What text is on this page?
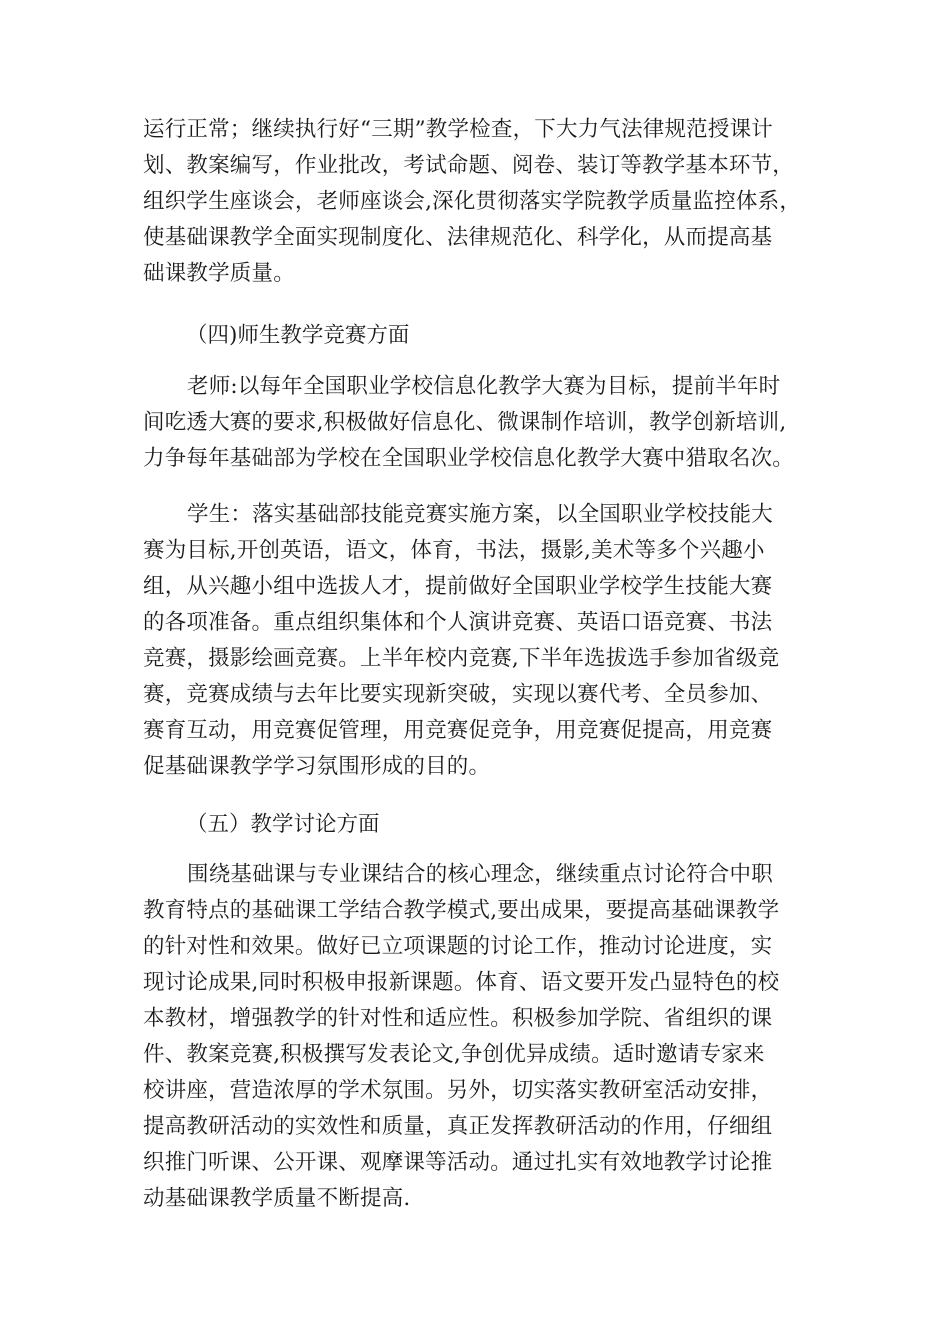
运行正常；继续执行好“三期”教学检查，下大力气法律规范授课计
划、教案编写，作业批改，考试命题、阅卷、装订等教学基本环节，
组织学生座谈会，老师座谈会,深化贯彻落实学院教学质量监控体系，
使基础课教学全面实现制度化、法律规范化、科学化，从而提高基
础课教学质量。
（四)师生教学竞赛方面
老师:以每年全国职业学校信息化教学大赛为目标，提前半年时
间吃透大赛的要求,积极做好信息化、微课制作培训，教学创新培训,
力争每年基础部为学校在全国职业学校信息化教学大赛中猎取名次。
学生：落实基础部技能竞赛实施方案，以全国职业学校技能大
赛为目标,开创英语，语文，体育，书法，摄影,美术等多个兴趣小
组，从兴趣小组中选拔人才，提前做好全国职业学校学生技能大赛
的各项准备。重点组织集体和个人演讲竞赛、英语口语竞赛、书法
竞赛，摄影绘画竞赛。上半年校内竞赛,下半年选拔选手参加省级竞
赛，竞赛成绩与去年比要实现新突破，实现以赛代考、全员参加、
赛育互动，用竞赛促管理，用竞赛促竞争，用竞赛促提高，用竞赛
促基础课教学学习氛围形成的目的。
（五）教学讨论方面
围绕基础课与专业课结合的核心理念，继续重点讨论符合中职
教育特点的基础课工学结合教学模式,要出成果，要提高基础课教学
的针对性和效果。做好已立项课题的讨论工作，推动讨论进度，实
现讨论成果,同时积极申报新课题。体育、语文要开发凸显特色的校
本教材，增强教学的针对性和适应性。积极参加学院、省组织的课
件、教案竞赛,积极撰写发表论文,争创优异成绩。适时邀请专家来
校讲座，营造浓厚的学术氛围。另外，切实落实教研室活动安排，
提高教研活动的实效性和质量，真正发挥教研活动的作用，仔细组
织推门听课、公开课、观摩课等活动。通过扎实有效地教学讨论推
动基础课教学质量不断提高.
